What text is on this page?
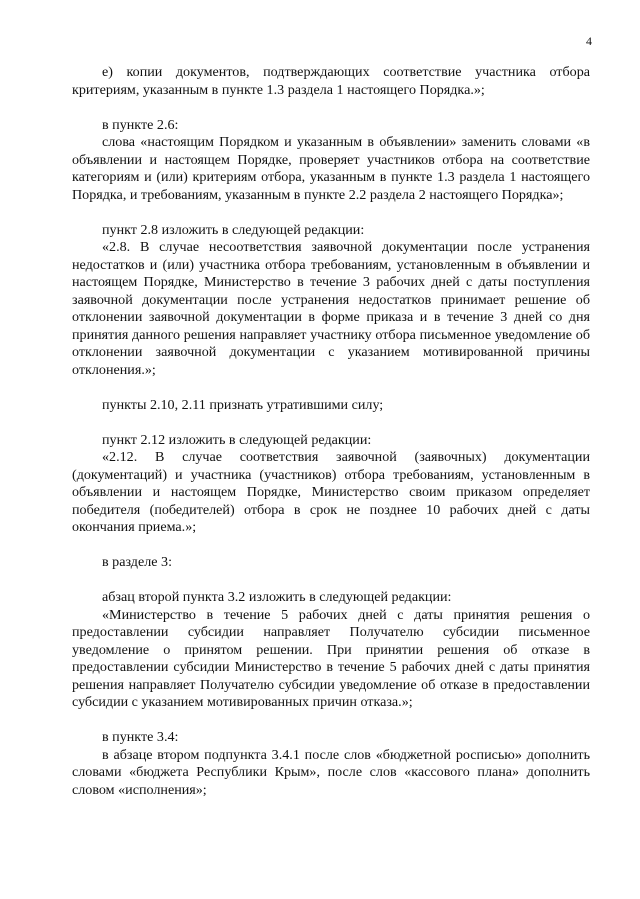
4

е) копии документов, подтверждающих соответствие участника отбора критериям, указанным в пункте 1.3 раздела 1 настоящего Порядка.»;

в пункте 2.6:

слова «настоящим Порядком и указанным в объявлении» заменить словами «в объявлении и настоящем Порядке, проверяет участников отбора на соответствие категориям и (или) критериям отбора, указанным в пункте 1.3 раздела 1 настоящего Порядка, и требованиям, указанным в пункте 2.2 раздела 2 настоящего Порядка»;

пункт 2.8 изложить в следующей редакции:

«2.8. В случае несоответствия заявочной документации после устранения недостатков и (или) участника отбора требованиям, установленным в объявлении и настоящем Порядке, Министерство в течение 3 рабочих дней с даты поступления заявочной документации после устранения недостатков принимает решение об отклонении заявочной документации в форме приказа и в течение 3 дней со дня принятия данного решения направляет участнику отбора письменное уведомление об отклонении заявочной документации с указанием мотивированной причины отклонения.»;

пункты 2.10, 2.11 признать утратившими силу;

пункт 2.12 изложить в следующей редакции:

«2.12. В случае соответствия заявочной (заявочных) документации (документаций) и участника (участников) отбора требованиям, установленным в объявлении и настоящем Порядке, Министерство своим приказом определяет победителя (победителей) отбора в срок не позднее 10 рабочих дней с даты окончания приема.»;

в разделе 3:

абзац второй пункта 3.2 изложить в следующей редакции:

«Министерство в течение 5 рабочих дней с даты принятия решения о предоставлении субсидии направляет Получателю субсидии письменное уведомление о принятом решении. При принятии решения об отказе в предоставлении субсидии Министерство в течение 5 рабочих дней с даты принятия решения направляет Получателю субсидии уведомление об отказе в предоставлении субсидии с указанием мотивированных причин отказа.»;

в пункте 3.4:

в абзаце втором подпункта 3.4.1 после слов «бюджетной росписью» дополнить словами «бюджета Республики Крым», после слов «кассового плана» дополнить словом «исполнения»;
